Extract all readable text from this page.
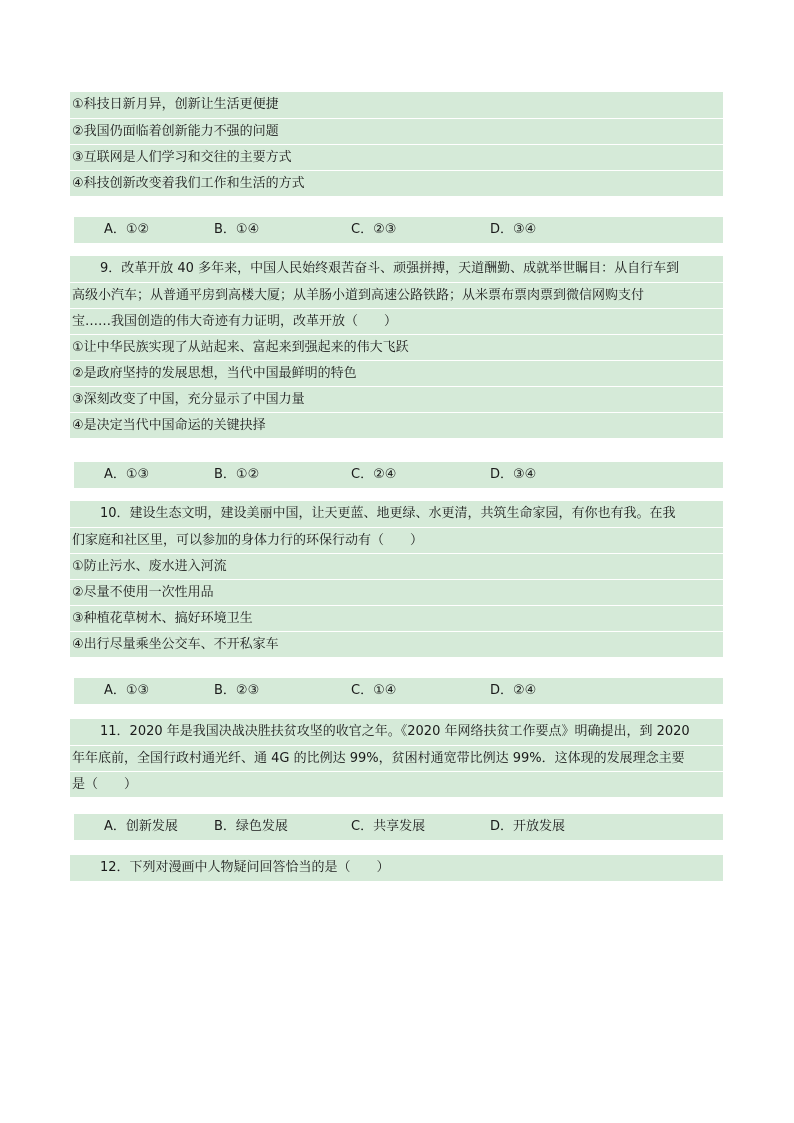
①科技日新月异，创新让生活更便捷
②我国仍面临着创新能力不强的问题
③互联网是人们学习和交往的主要方式
④科技创新改变着我们工作和生活的方式
A．①②	B．①④	C．②③	D．③④
9．改革开放 40 多年来，中国人民始终艰苦奋斗、顽强拼搏，天道酬勤、成就举世瞩目：从自行车到
高级小汽车；从普通平房到高楼大厦；从羊肠小道到高速公路铁路；从米票布票肉票到微信网购支付
宝……我国创造的伟大奇迹有力证明，改革开放（　　）
①让中华民族实现了从站起来、富起来到强起来的伟大飞跃
②是政府坚持的发展思想，当代中国最鲜明的特色
③深刻改变了中国，充分显示了中国力量
④是决定当代中国命运的关键抉择
A．①③	B．①②	C．②④	D．③④
10．建设生态文明，建设美丽中国，让天更蓝、地更绿、水更清，共筑生命家园，有你也有我。在我
们家庭和社区里，可以参加的身体力行的环保行动有（　　）
①防止污水、废水进入河流
②尽量不使用一次性用品
③种植花草树木、搞好环境卫生
④出行尽量乘坐公交车、不开私家车
A．①③	B．②③	C．①④	D．②④
11．2020 年是我国决战决胜扶贫攻坚的收官之年。《2020 年网络扶贫工作要点》明确提出，到 2020
年年底前，全国行政村通光纤、通 4G 的比例达 99%，贫困村通宽带比例达 99%．这体现的发展理念主要
是（　　）
A．创新发展	B．绿色发展	C．共享发展	D．开放发展
12．下列对漫画中人物疑问回答恰当的是（　　）
